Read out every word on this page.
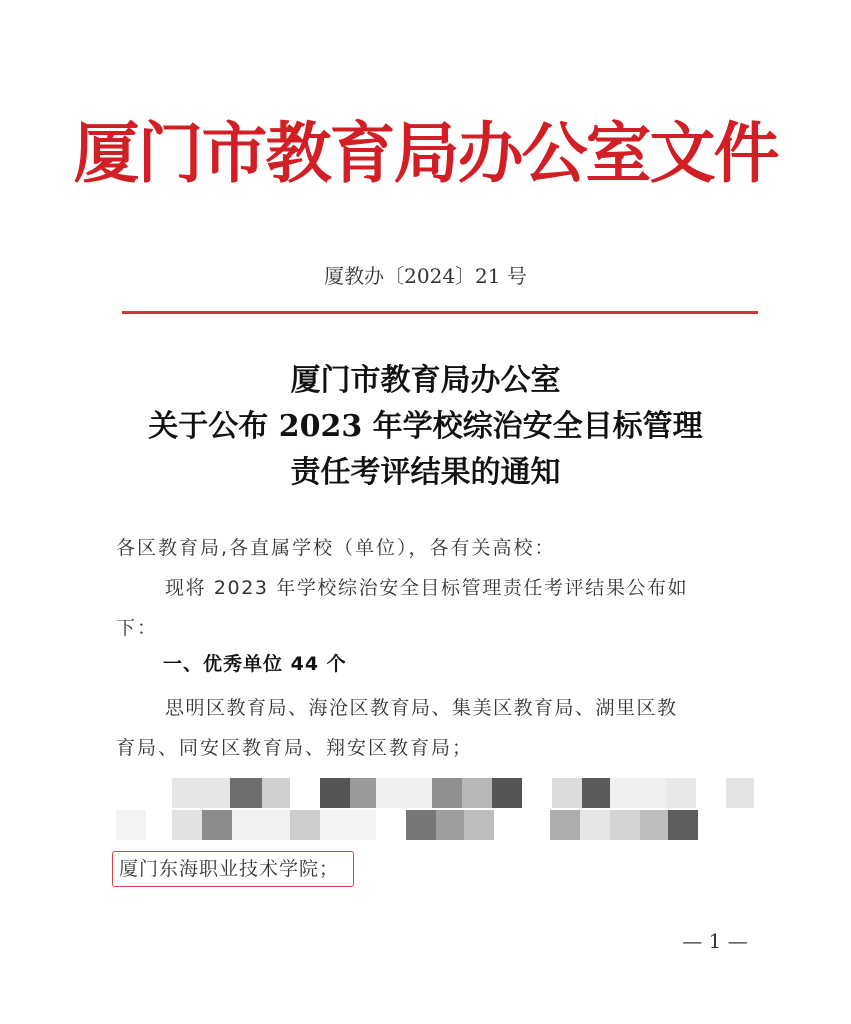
厦门市教育局办公室文件
厦教办〔2024〕21 号
厦门市教育局办公室
关于公布 2023 年学校综治安全目标管理
责任考评结果的通知
各区教育局,各直属学校（单位），各有关高校：
现将 2023 年学校综治安全目标管理责任考评结果公布如
下：
一、优秀单位 44 个
思明区教育局、海沧区教育局、集美区教育局、湖里区教
育局、同安区教育局、翔安区教育局；
厦门东海职业技术学院；
— 1 —
